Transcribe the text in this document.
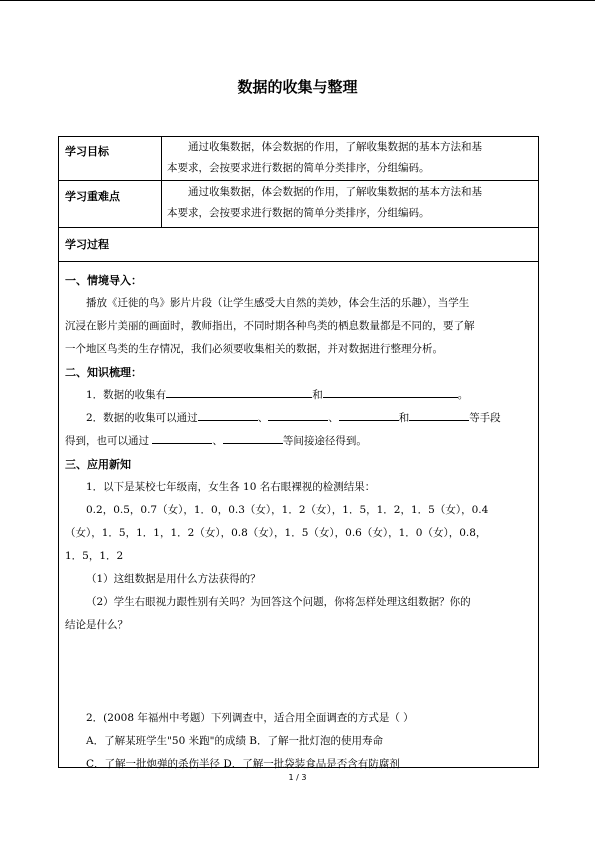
数据的收集与整理
学习目标	通过收集数据，体会数据的作用，了解收集数据的基本方法和基
本要求，会按要求进行数据的简单分类排序，分组编码。
学习重难点	通过收集数据，体会数据的作用，了解收集数据的基本方法和基
本要求，会按要求进行数据的简单分类排序，分组编码。
学习过程
一、情境导入：
播放《迁徙的鸟》影片片段（让学生感受大自然的美妙，体会生活的乐趣），当学生
沉浸在影片美丽的画面时，教师指出，不同时期各种鸟类的栖息数量都是不同的，要了解
一个地区鸟类的生存情况，我们必须要收集相关的数据，并对数据进行整理分析。
二、知识梳理：
1．数据的收集有	和	。
2．数据的收集可以通过	、	、	和	等手段
得到，也可以通过	、	等间接途径得到。
三、应用新知
1．以下是某校七年级南，女生各 10 名右眼裸视的检测结果：
0.2，0.5，0.7（女），1．0，0.3（女），1．2（女），1．5，1．2，1．5（女），0.4
（女），1．5，1．1，1．2（女），0.8（女），1．5（女），0.6（女），1．0（女），0.8，
1．5，1．2
（1）这组数据是用什么方法获得的？
（2）学生右眼视力跟性别有关吗？为回答这个问题，你将怎样处理这组数据？你的
结论是什么？
2．(2008 年福州中考题）下列调查中，适合用全面调查的方式是（ ）
A．了解某班学生"50 米跑"的成绩 B．了解一批灯泡的使用寿命
C．了解一批炮弹的杀伤半径 D．了解一批袋装食品是否含有防腐剂
1 / 3
